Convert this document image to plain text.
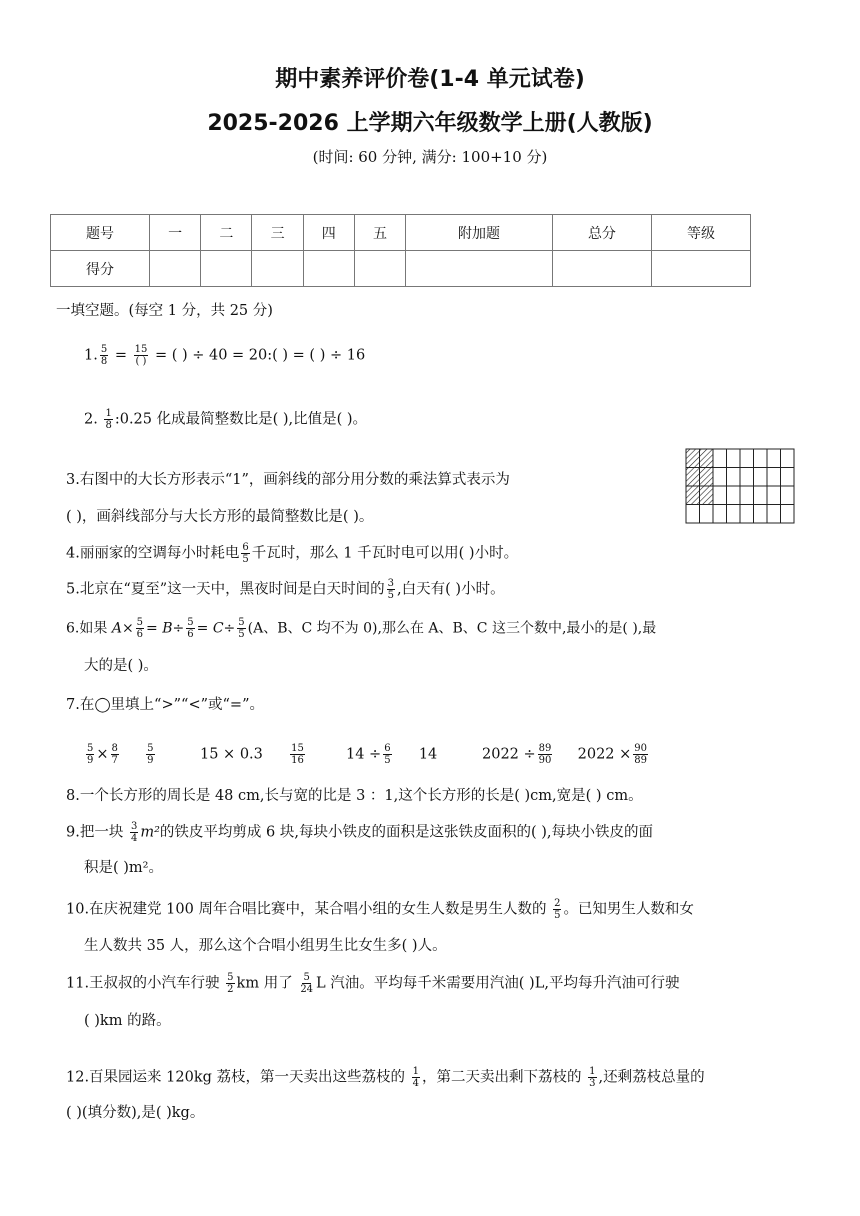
期中素养评价卷(1-4 单元试卷)
2025-2026 上学期六年级数学上册(人教版)
(时间: 60 分钟, 满分: 100+10 分)
题号	一	二	三	四	五	附加题	总分	等级
得分								
一填空题。(每空 1 分，共 25 分)
1. $\frac{5}{8} = \frac{15}{( )}$ = ( ) ÷ 40 = 20:( ) = ( ) ÷ 16
2. $\frac{1}{8}$ :0.25 化成最简整数比是( ),比值是( )。
3.右图中的大长方形表示“1”，画斜线的部分用分数的乘法算式表示为
( )，画斜线部分与大长方形的最简整数比是( )。
4.丽丽家的空调每小时耗电 $\frac{6}{5}$ 千瓦时，那么 1 千瓦时电可以用( )小时。
5.北京在“夏至”这一天中，黑夜时间是白天时间的 $\frac{3}{5}$ ,白天有( )小时。
6.如果 $A\times \frac{5}{6} = B\div \frac{5}{6} = C\div \frac{5}{5} (A$、B、C 均不为 0),那么在 A、B、C 这三个数中,最小的是( ),最
大的是( )。
7.在◯里填上“>”“<”或“=”。
$\frac{5}{9} \times \frac{8}{7}$
	$\frac{5}{9}$	15 × 0.3	$\frac{15}{16}$	$14 \div \frac{6}{5} 14$	$2022 \div \frac{89}{90} 2022 \times \frac{90}{89}$
8.一个长方形的周长是 48 cm,长与宽的比是 3 ：1,这个长方形的长是( )cm,宽是( ) cm。
9.把一块 $\frac{3}{4} m^2$的铁皮平均剪成 6 块,每块小铁皮的面积是这张铁皮面积的( ),每块小铁皮的面
积是( )m²。
10.在庆祝建党 100 周年合唱比赛中，某合唱小组的女生人数是男生人数的 $\frac{2}{5}$ 。已知男生人数和女
生人数共 35 人，那么这个合唱小组男生比女生多( )人。
11.王叔叔的小汽车行驶 $\frac{5}{2}$ km 用了 $\frac{5}{24}$ L 汽油。平均每千米需要用汽油( )L,平均每升汽油可行驶
( )km 的路。
12.百果园运来 120kg 荔枝，第一天卖出这些荔枝的 $\frac{1}{4}$ ，第二天卖出剩下荔枝的 $\frac{1}{3}$ ,还剩荔枝总量的
( )(填分数),是( )kg。
